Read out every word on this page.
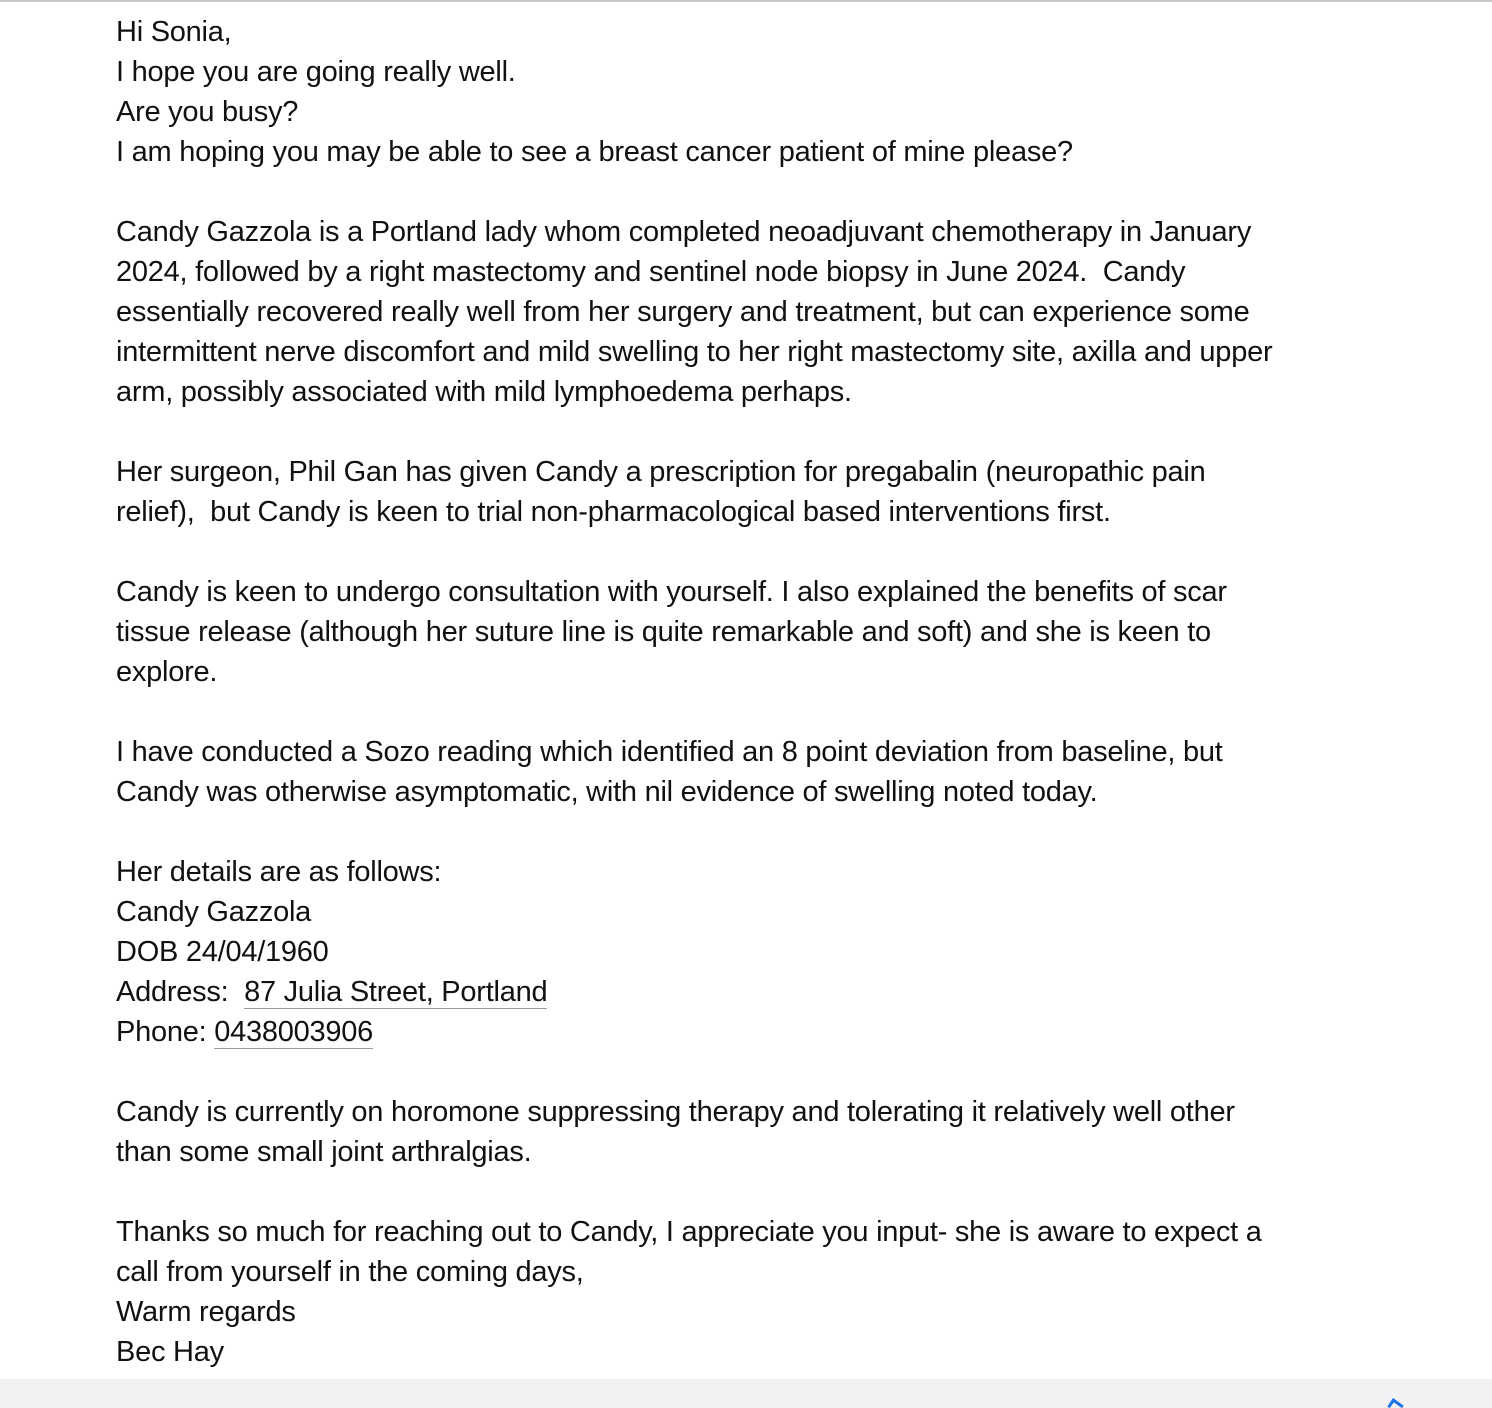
Hi Sonia,
I hope you are going really well.
Are you busy?
I am hoping you may be able to see a breast cancer patient of mine please?
Candy Gazzola is a Portland lady whom completed neoadjuvant chemotherapy in January
2024, followed by a right mastectomy and sentinel node biopsy in June 2024.  Candy
essentially recovered really well from her surgery and treatment, but can experience some
intermittent nerve discomfort and mild swelling to her right mastectomy site, axilla and upper
arm, possibly associated with mild lymphoedema perhaps.
Her surgeon, Phil Gan has given Candy a prescription for pregabalin (neuropathic pain
relief),  but Candy is keen to trial non-pharmacological based interventions first.
Candy is keen to undergo consultation with yourself. I also explained the benefits of scar
tissue release (although her suture line is quite remarkable and soft) and she is keen to
explore.
I have conducted a Sozo reading which identified an 8 point deviation from baseline, but
Candy was otherwise asymptomatic, with nil evidence of swelling noted today.
Her details are as follows:
Candy Gazzola
DOB 24/04/1960
Address:  87 Julia Street, Portland
Phone: 0438003906
Candy is currently on horomone suppressing therapy and tolerating it relatively well other
than some small joint arthralgias.
Thanks so much for reaching out to Candy, I appreciate you input- she is aware to expect a
call from yourself in the coming days,
Warm regards
Bec Hay
